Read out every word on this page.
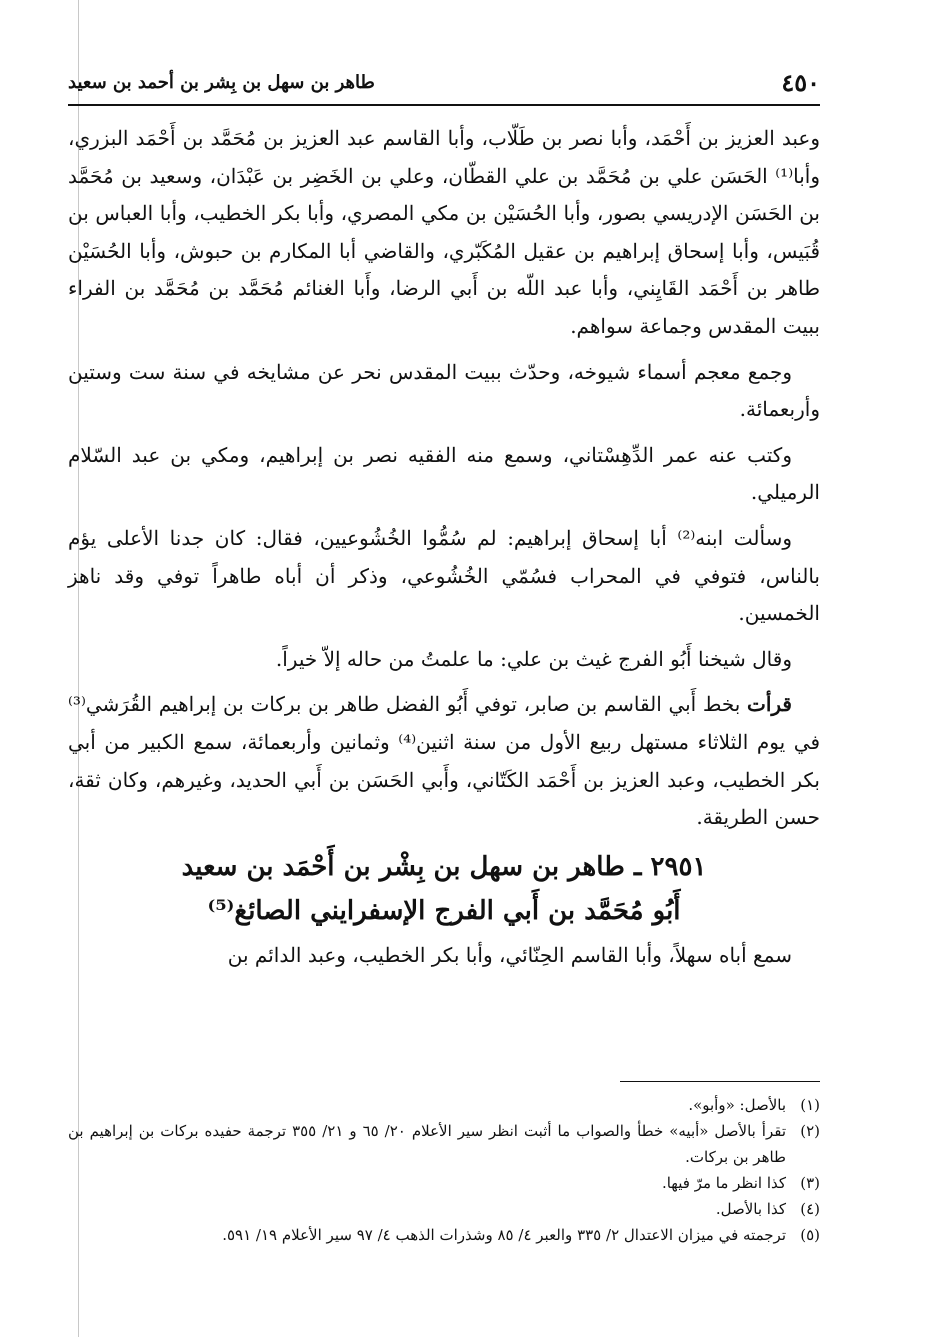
٤٥٠
طاهر بن سهل بن بِشر بن أحمد بن سعيد

وعبد العزيز بن أَحْمَد، وأبا نصر بن طَلّاب، وأبا القاسم عبد العزيز بن مُحَمَّد بن أَحْمَد البزري، وأبا⁽¹⁾ الحَسَن علي بن مُحَمَّد بن علي القطّان، وعلي بن الخَضِر بن عَبْدَان، وسعيد بن مُحَمَّد بن الحَسَن الإدريسي بصور، وأبا الحُسَيْن بن مكي المصري، وأبا بكر الخطيب، وأبا العباس بن قُبَيس، وأبا إسحاق إبراهيم بن عقيل المُكَبّري، والقاضي أبا المكارم بن حبوش، وأبا الحُسَيْن طاهر بن أَحْمَد القَايِني، وأبا عبد اللّه بن أَبي الرضا، وأَبا الغنائم مُحَمَّد بن مُحَمَّد بن الفراء ببيت المقدس وجماعة سواهم.

وجمع معجم أسماء شيوخه، وحدّث ببيت المقدس نحر عن مشايخه في سنة ست وستين وأربعمائة.

وكتب عنه عمر الدِّهِسْتاني، وسمع منه الفقيه نصر بن إبراهيم، ومكي بن عبد السّلام الرميلي.

وسألت ابنه⁽²⁾ أبا إسحاق إبراهيم: لم سُمُّوا الخُشُوعيين، فقال: كان جدنا الأعلى يؤم بالناس، فتوفي في المحراب فسُمّي الخُشُوعي، وذكر أن أباه طاهراً توفي وقد ناهز الخمسين.

وقال شيخنا أَبُو الفرج غيث بن علي: ما علمتُ من حاله إلاّ خيراً.

قرأت بخط أَبي القاسم بن صابر، توفي أَبُو الفضل طاهر بن بركات بن إبراهيم القُرَشي⁽³⁾ في يوم الثلاثاء مستهل ربيع الأول من سنة اثنين⁽⁴⁾ وثمانين وأربعمائة، سمع الكبير من أبي بكر الخطيب، وعبد العزيز بن أَحْمَد الكَتّاني، وأَبي الحَسَن بن أَبي الحديد، وغيرهم، وكان ثقة، حسن الطريقة.

٢٩٥١ ـ طاهر بن سهل بن بِشْر بن أَحْمَد بن سعيد
أَبُو مُحَمَّد بن أَبي الفرج الإسفرايني الصائغ⁽⁵⁾

سمع أباه سهلاً، وأبا القاسم الحِنّائي، وأبا بكر الخطيب، وعبد الدائم بن

(١)
بالأصل: «وأبو».
(٢)
تقرأ بالأصل «أبيه» خطأ والصواب ما أثبت انظر سير الأعلام ٢٠/ ٦٥ و ٢١/ ٣٥٥ ترجمة حفيده بركات بن إبراهيم بن طاهر بن بركات.
(٣)
كذا انظر ما مرّ فيها.
(٤)
كذا بالأصل.
(٥)
ترجمته في ميزان الاعتدال ٢/ ٣٣٥ والعبر ٤/ ٨٥ وشذرات الذهب ٤/ ٩٧ سير الأعلام ١٩/ ٥٩١.
